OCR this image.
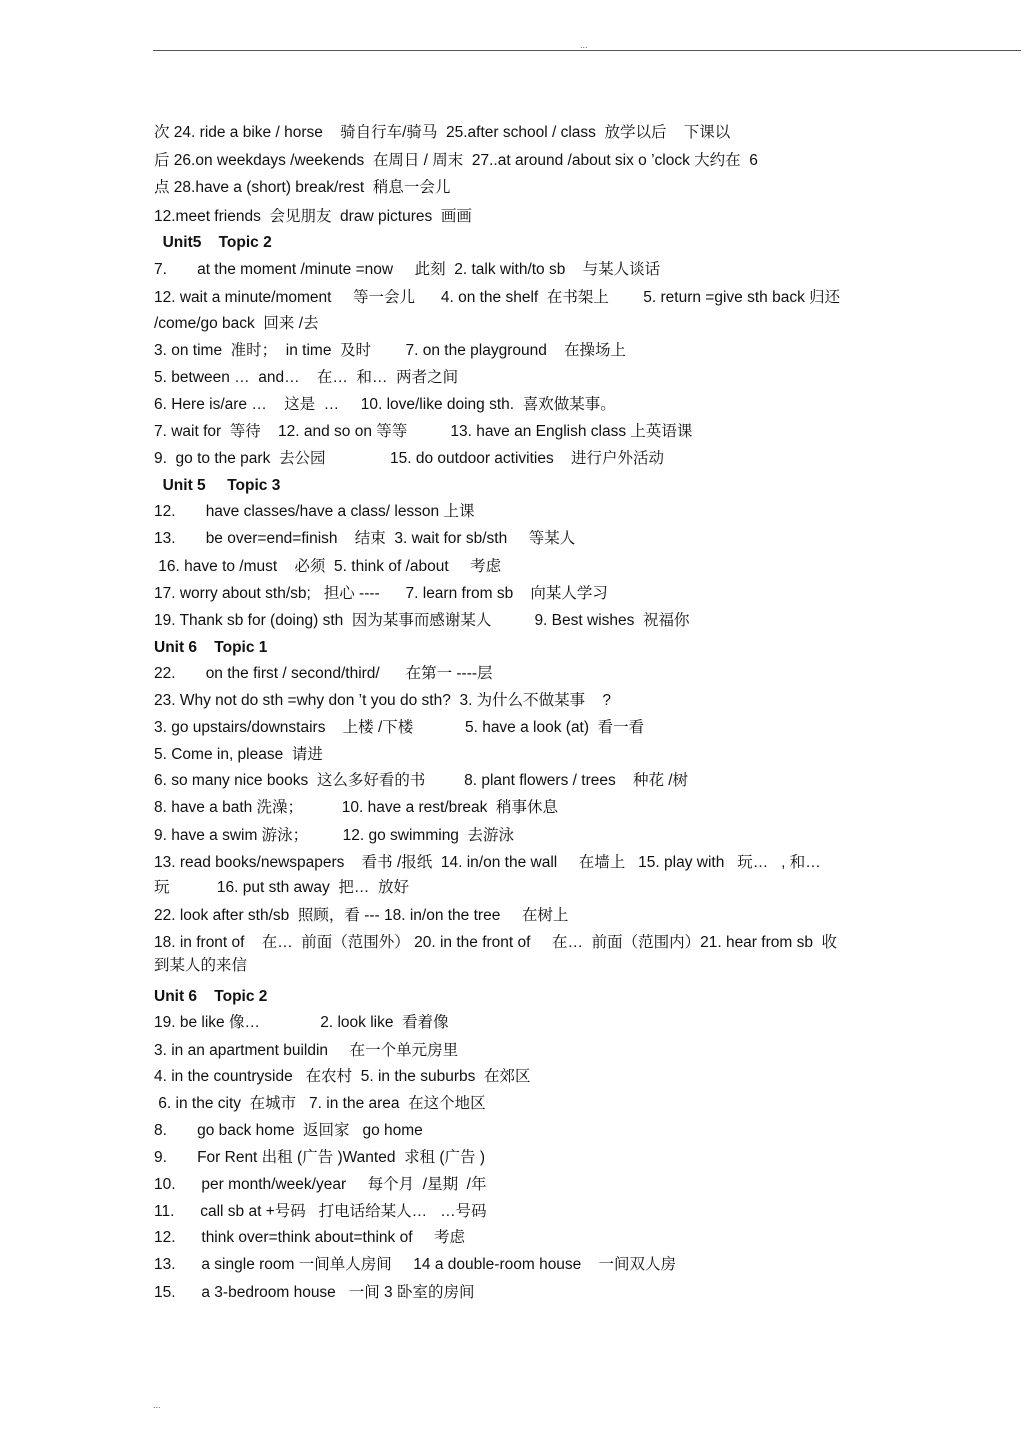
...
次 24. ride a bike / horse    骑自行车/骑马  25.after school / class  放学以后    下课以
后 26.on weekdays /weekends  在周日 / 周末  27..at around /about six o ’clock 大约在  6
点 28.have a (short) break/rest  稍息一会儿
12.meet friends  会见朋友  draw pictures  画画
Unit5    Topic 2
7.       at the moment /minute =now     此刻  2. talk with/to sb    与某人谈话
12. wait a minute/moment     等一会儿      4. on the shelf  在书架上        5. return =give sth back 归还
/come/go back  回来 /去
3. on time  准时；  in time  及时        7. on the playground    在操场上
5. between …  and…    在…  和…  两者之间
6. Here is/are …    这是  …     10. love/like doing sth.  喜欢做某事。
7. wait for  等待    12. and so on 等等          13. have an English class 上英语课
9.  go to the park  去公园               15. do outdoor activities    进行户外活动
Unit 5     Topic 3
12.       have classes/have a class/ lesson 上课
13.       be over=end=finish    结束  3. wait for sb/sth     等某人
16. have to /must    必须  5. think of /about     考虑
17. worry about sth/sb;   担心 ----      7. learn from sb    向某人学习
19. Thank sb for (doing) sth  因为某事而感谢某人          9. Best wishes  祝福你
Unit 6    Topic 1
22.       on the first / second/third/      在第一 ----层
23. Why not do sth =why don ’t you do sth?  3. 为什么不做某事    ?
3. go upstairs/downstairs    上楼 /下楼            5. have a look (at)  看一看
5. Come in, please  请进
6. so many nice books  这么多好看的书         8. plant flowers / trees    种花 /树
8. have a bath 洗澡；         10. have a rest/break  稍事休息
9. have a swim 游泳；        12. go swimming  去游泳
13. read books/newspapers    看书 /报纸  14. in/on the wall     在墙上   15. play with   玩…   , 和…
玩           16. put sth away  把…  放好
22. look after sth/sb  照顾，看 --- 18. in/on the tree     在树上
18. in front of    在…  前面（范围外） 20. in the front of     在…  前面（范围内）21. hear from sb  收
到某人的来信
Unit 6    Topic 2
19. be like 像…              2. look like  看着像
3. in an apartment buildin     在一个单元房里
4. in the countryside   在农村  5. in the suburbs  在郊区
6. in the city  在城市   7. in the area  在这个地区
8.       go back home  返回家   go home
9.       For Rent 出租 (广告 )Wanted  求租 (广告 )
10.      per month/week/year     每个月  /星期  /年
11.      call sb at +号码   打电话给某人…   …号码
12.      think over=think about=think of     考虑
13.      a single room 一间单人房间     14 a double-room house    一间双人房
15.      a 3-bedroom house   一间 3 卧室的房间
...
